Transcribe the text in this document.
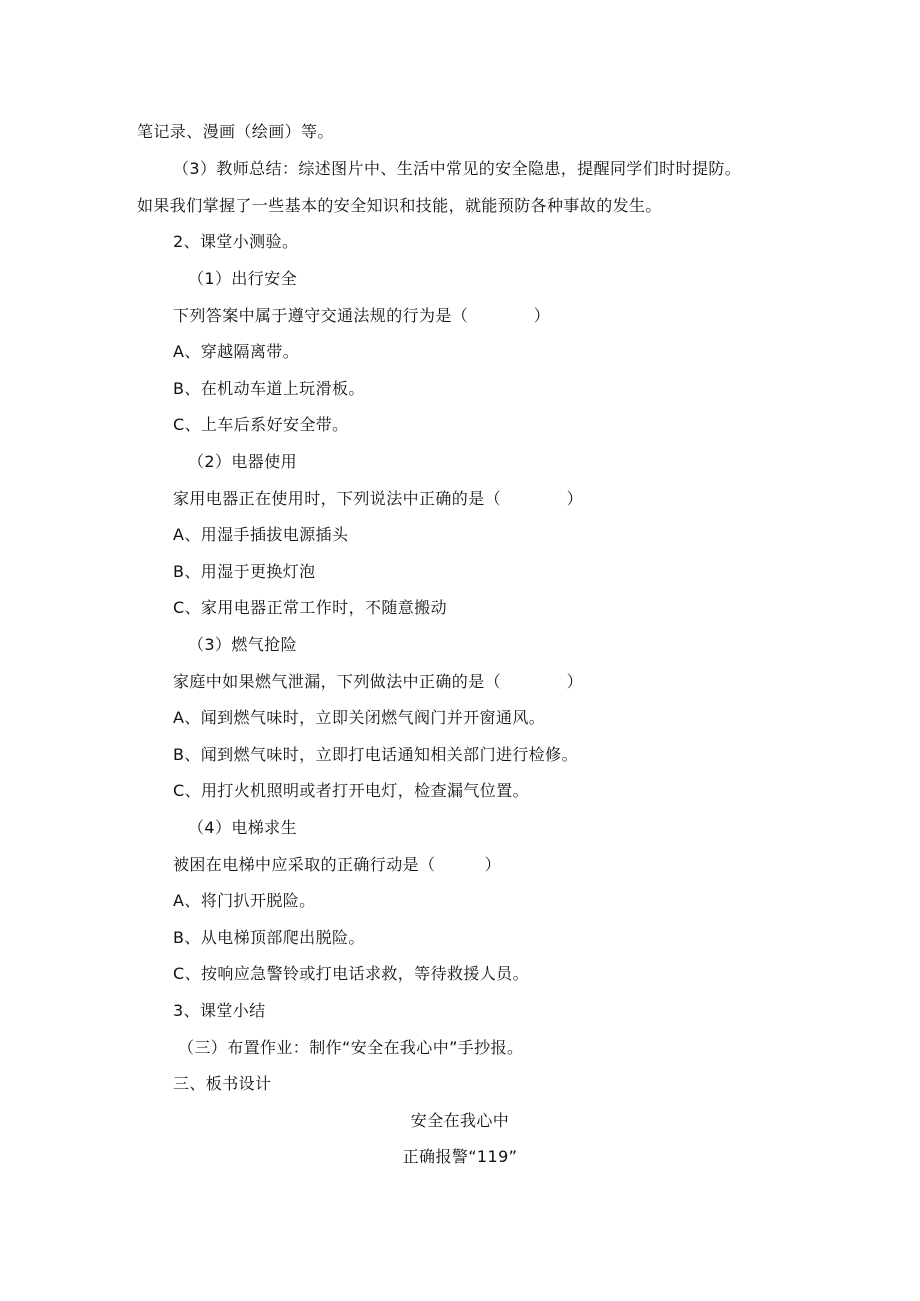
笔记录、漫画（绘画）等。
（3）教师总结：综述图片中、生活中常见的安全隐患，提醒同学们时时提防。
如果我们掌握了一些基本的安全知识和技能，就能预防各种事故的发生。
2、课堂小测验。
（1）出行安全
下列答案中属于遵守交通法规的行为是（　　　　）
A、穿越隔离带。
B、在机动车道上玩滑板。
C、上车后系好安全带。
（2）电器使用
家用电器正在使用时，下列说法中正确的是（　　　　）
A、用湿手插拔电源插头
B、用湿于更换灯泡
C、家用电器正常工作时，不随意搬动
（3）燃气抢险
家庭中如果燃气泄漏，下列做法中正确的是（　　　　）
A、闻到燃气味时，立即关闭燃气阀门并开窗通风。
B、闻到燃气味时，立即打电话通知相关部门进行检修。
C、用打火机照明或者打开电灯，检查漏气位置。
（4）电梯求生
被困在电梯中应采取的正确行动是（　　　）
A、将门扒开脱险。
B、从电梯顶部爬出脱险。
C、按响应急警铃或打电话求救，等待救援人员。
3、课堂小结
（三）布置作业：制作“安全在我心中”手抄报。
三、板书设计
安全在我心中
正确报警“119”
